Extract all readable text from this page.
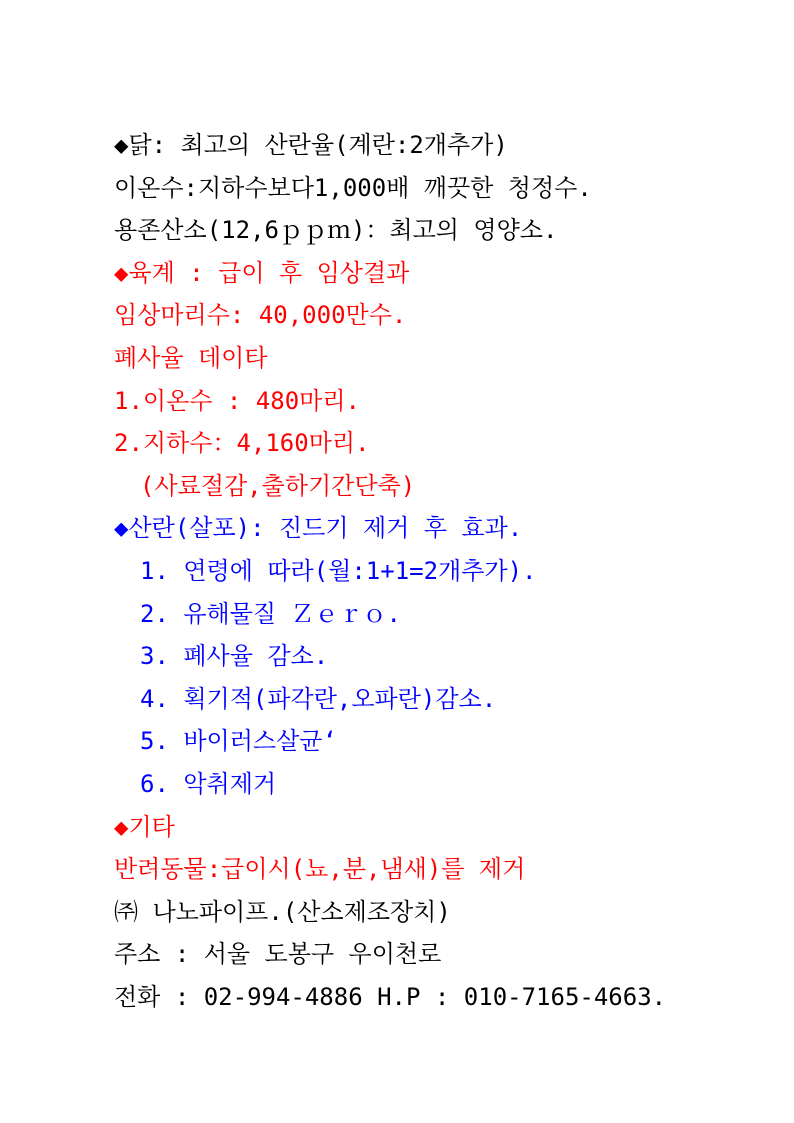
◆닭: 최고의 산란율(계란:2개추가)
이온수:지하수보다1,000배 깨끗한 청정수.
용존산소(12,6ｐｐｍ)：최고의 영양소.
◆육계 : 급이 후 임상결과
임상마리수: 40,000만수.
폐사율 데이타
1.이온수 : 480마리.
2.지하수：4,160마리.
(사료절감,출하기간단축)
◆산란(살포): 진드기 제거 후 효과.
1. 연령에 따라(월:1+1=2개추가).
2. 유해물질 Ｚｅｒｏ.
3. 폐사율 감소.
4. 획기적(파각란,오파란)감소.
5. 바이러스살균‘
6. 악취제거
◆기타
반려동물:급이시(뇨,분,냄새)를 제거
㈜ 나노파이프.(산소제조장치)
주소 : 서울 도봉구 우이천로
전화 : 02-994-4886 H.P : 010-7165-4663.
